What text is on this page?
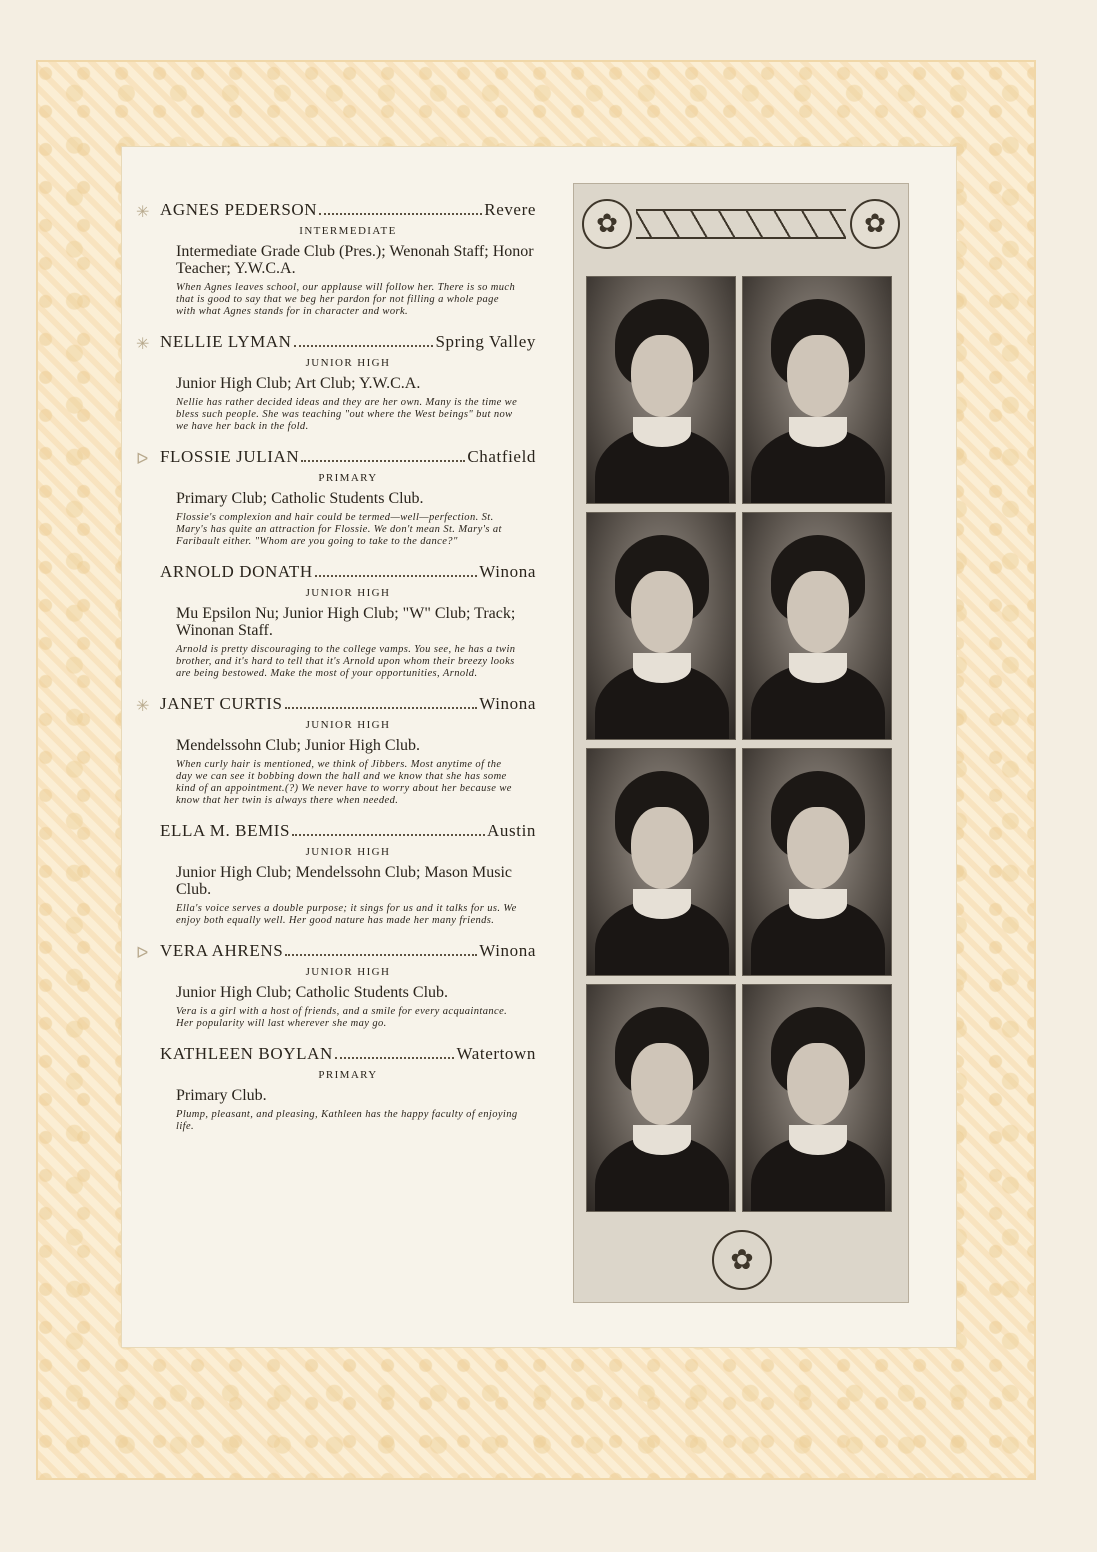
✳ AGNES PEDERSON	Revere
INTERMEDIATE
Intermediate Grade Club (Pres.); Wenonah Staff; Honor Teacher; Y.W.C.A.
When Agnes leaves school, our applause will follow her. There is so much that is good to say that we beg her pardon for not filling a whole page with what Agnes stands for in character and work.
✳ NELLIE LYMAN	Spring Valley
JUNIOR HIGH
Junior High Club; Art Club; Y.W.C.A.
Nellie has rather decided ideas and they are her own. Many is the time we bless such people. She was teaching "out where the West beings" but now we have her back in the fold.
ᐅ FLOSSIE JULIAN	Chatfield
PRIMARY
Primary Club; Catholic Students Club.
Flossie's complexion and hair could be termed—well—perfection. St. Mary's has quite an attraction for Flossie. We don't mean St. Mary's at Faribault either. "Whom are you going to take to the dance?"
ARNOLD DONATH	Winona
JUNIOR HIGH
Mu Epsilon Nu; Junior High Club; "W" Club; Track; Winonan Staff.
Arnold is pretty discouraging to the college vamps. You see, he has a twin brother, and it's hard to tell that it's Arnold upon whom their breezy looks are being bestowed. Make the most of your opportunities, Arnold.
✳ JANET CURTIS	Winona
JUNIOR HIGH
Mendelssohn Club; Junior High Club.
When curly hair is mentioned, we think of Jibbers. Most anytime of the day we can see it bobbing down the hall and we know that she has some kind of an appointment.(?) We never have to worry about her because we know that her twin is always there when needed.
ELLA M. BEMIS	Austin
JUNIOR HIGH
Junior High Club; Mendelssohn Club; Mason Music Club.
Ella's voice serves a double purpose; it sings for us and it talks for us. We enjoy both equally well. Her good nature has made her many friends.
ᐅ VERA AHRENS	Winona
JUNIOR HIGH
Junior High Club; Catholic Students Club.
Vera is a girl with a host of friends, and a smile for every acquaintance. Her popularity will last wherever she may go.
KATHLEEN BOYLAN	Watertown
PRIMARY
Primary Club.
Plump, pleasant, and pleasing, Kathleen has the happy faculty of enjoying life.
✿	✿
✿
